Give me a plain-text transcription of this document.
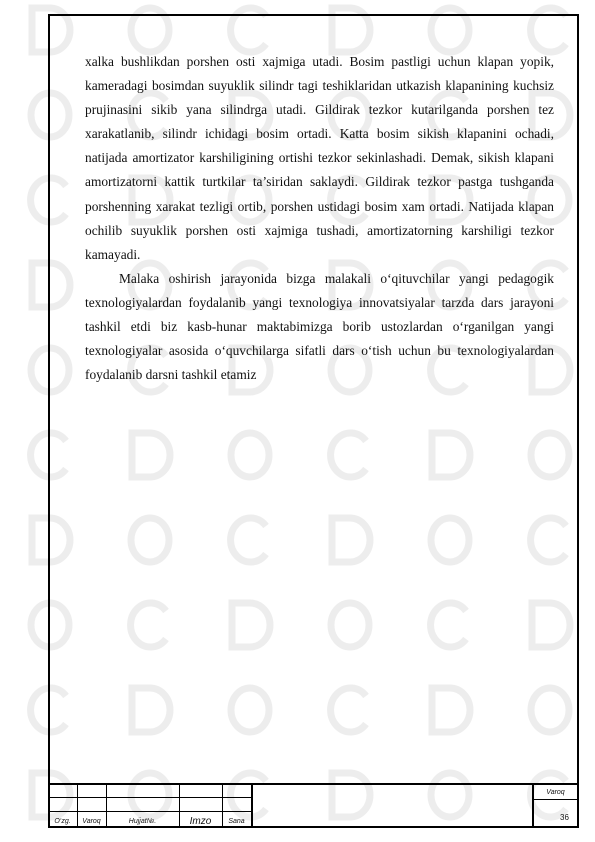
xalka bushlikdan porshen osti xajmiga utadi. Bosim pastligi uchun klapan yopik, kameradagi bosimdan suyuklik silindr tagi teshiklaridan utkazish klapanining kuchsiz prujinasini sikib yana silindrga utadi. Gildirak tezkor kutarilganda porshen tez xarakatlanib, silindr ichidagi bosim ortadi. Katta bosim sikish klapanini ochadi, natijada amortizator karshiligining ortishi tezkor sekinlashadi. Demak, sikish klapani amortizatorni kattik turtkilar ta’siridan saklaydi. Gildirak tezkor pastga tushganda porshenning xarakat tezligi ortib, porshen ustidagi bosim xam ortadi. Natijada klapan ochilib suyuklik porshen osti xajmiga tushadi, amortizatorning karshiligi tezkor kamayadi.

Malaka oshirish jarayonida bizga malakali o‘qituvchilar yangi pedagogik texnologiyalardan foydalanib yangi texnologiya innovatsiyalar tarzda dars jarayoni tashkil etdi biz kasb-hunar maktabimizga borib ustozlardan o‘rganilgan yangi texnologiyalar asosida o‘quvchilarga sifatli dars o‘tish uchun bu texnologiyalardan foydalanib darsni tashkil etamiz

O‘zg.	Varoq	Hujjat№.	Imzo	Sana
Varoq
36
